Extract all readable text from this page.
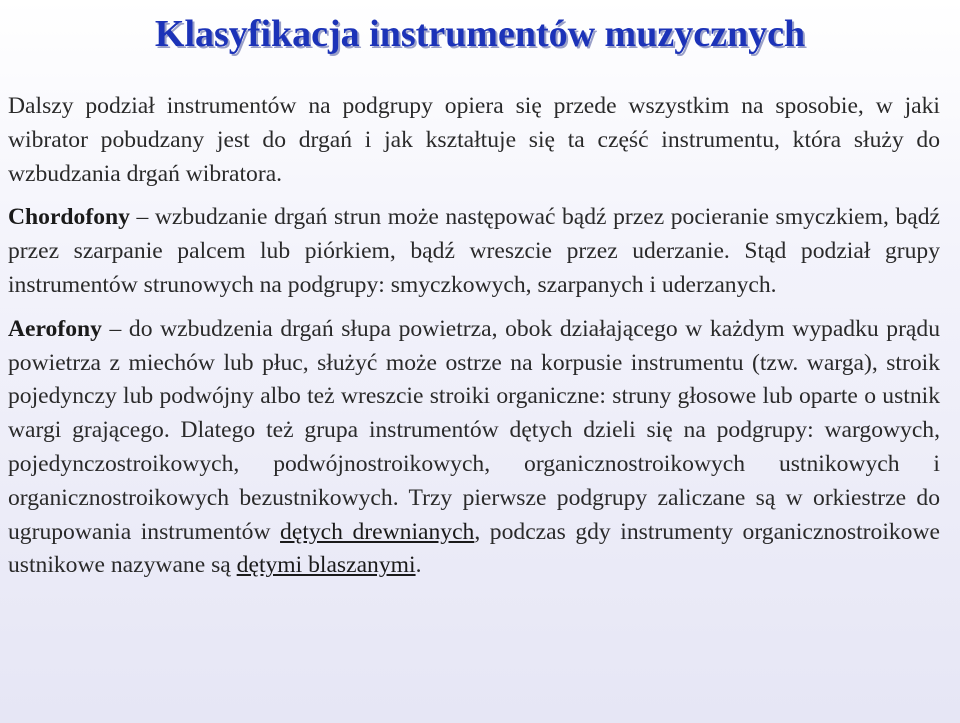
Klasyfikacja instrumentów muzycznych

Dalszy podział instrumentów na podgrupy opiera się przede wszystkim na sposobie, w jaki wibrator pobudzany jest do drgań i jak kształtuje się ta część instrumentu, która służy do wzbudzania drgań wibratora.

Chordofony – wzbudzanie drgań strun może następować bądź przez pocieranie smyczkiem, bądź przez szarpanie palcem lub piórkiem, bądź wreszcie przez uderzanie. Stąd podział grupy instrumentów strunowych na podgrupy: smyczkowych, szarpanych i uderzanych.

Aerofony – do wzbudzenia drgań słupa powietrza, obok działającego w każdym wypadku prądu powietrza z miechów lub płuc, służyć może ostrze na korpusie instrumentu (tzw. warga), stroik pojedynczy lub podwójny albo też wreszcie stroiki organiczne: struny głosowe lub oparte o ustnik wargi grającego. Dlatego też grupa instrumentów dętych dzieli się na podgrupy: wargowych, pojedynczostroikowych, podwójnostroikowych, organicznostroikowych ustnikowych i organicznostroikowych bezustnikowych. Trzy pierwsze podgrupy zaliczane są w orkiestrze do ugrupowania instrumentów dętych drewnianych, podczas gdy instrumenty organicznostroikowe ustnikowe nazywane są dętymi blaszanymi.
